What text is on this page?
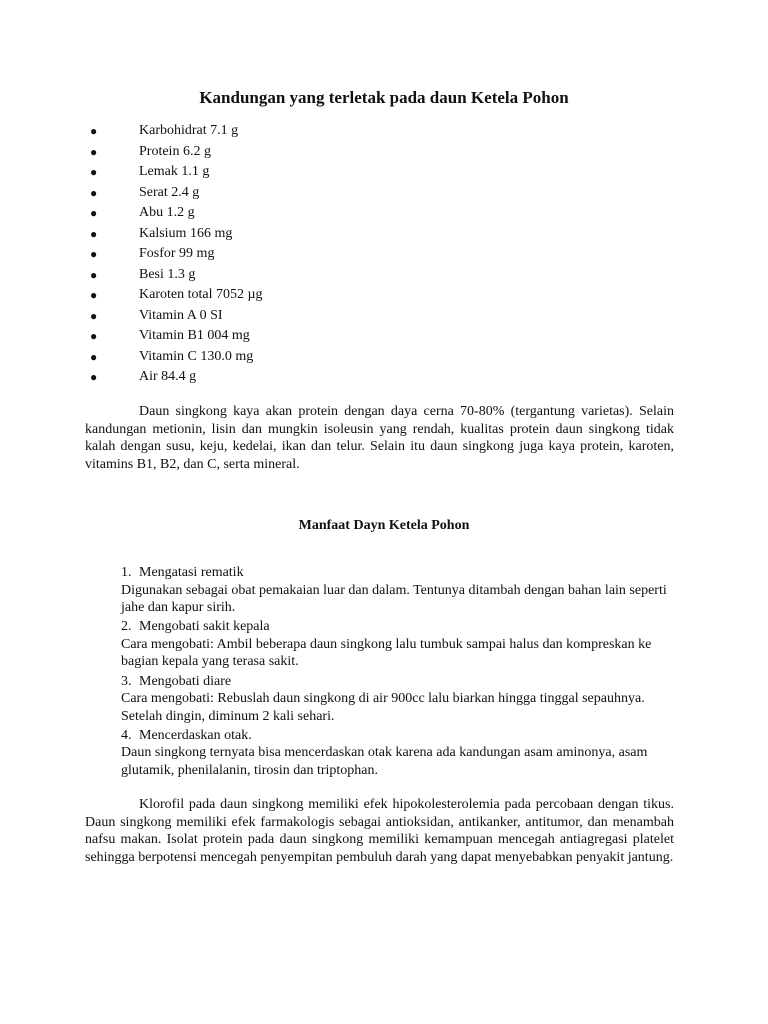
Kandungan yang terletak pada daun Ketela Pohon
●	Karbohidrat 7.1 g
●	Protein 6.2 g
●	Lemak 1.1 g
●	Serat 2.4 g
●	Abu 1.2 g
●	Kalsium 166 mg
●	Fosfor 99 mg
●	Besi 1.3 g
●	Karoten total 7052 µg
●	Vitamin A 0 SI
●	Vitamin B1 004 mg
●	Vitamin C 130.0 mg
●	Air 84.4 g

Daun singkong kaya akan protein dengan daya cerna 70-80% (tergantung varietas). Selain kandungan metionin, lisin dan mungkin isoleusin yang rendah, kualitas protein daun singkong tidak kalah dengan susu, keju, kedelai, ikan dan telur. Selain itu daun singkong juga kaya protein, karoten, vitamins B1, B2, dan C, serta mineral.

Manfaat Dayn Ketela Pohon
1. Mengatasi rematik
Digunakan sebagai obat pemakaian luar dan dalam. Tentunya ditambah dengan bahan lain seperti jahe dan kapur sirih.
2. Mengobati sakit kepala
Cara mengobati: Ambil beberapa daun singkong lalu tumbuk sampai halus dan kompreskan ke bagian kepala yang terasa sakit.
3. Mengobati diare
Cara mengobati: Rebuslah daun singkong di air 900cc lalu biarkan hingga tinggal sepauhnya. Setelah dingin, diminum 2 kali sehari.
4. Mencerdaskan otak.
Daun singkong ternyata bisa mencerdaskan otak karena ada kandungan asam aminonya, asam glutamik, phenilalanin, tirosin dan triptophan.

Klorofil pada daun singkong memiliki efek hipokolesterolemia pada percobaan dengan tikus. Daun singkong memiliki efek farmakologis sebagai antioksidan, antikanker, antitumor, dan menambah nafsu makan. Isolat protein pada daun singkong memiliki kemampuan mencegah antiagregasi platelet sehingga berpotensi mencegah penyempitan pembuluh darah yang dapat menyebabkan penyakit jantung.
